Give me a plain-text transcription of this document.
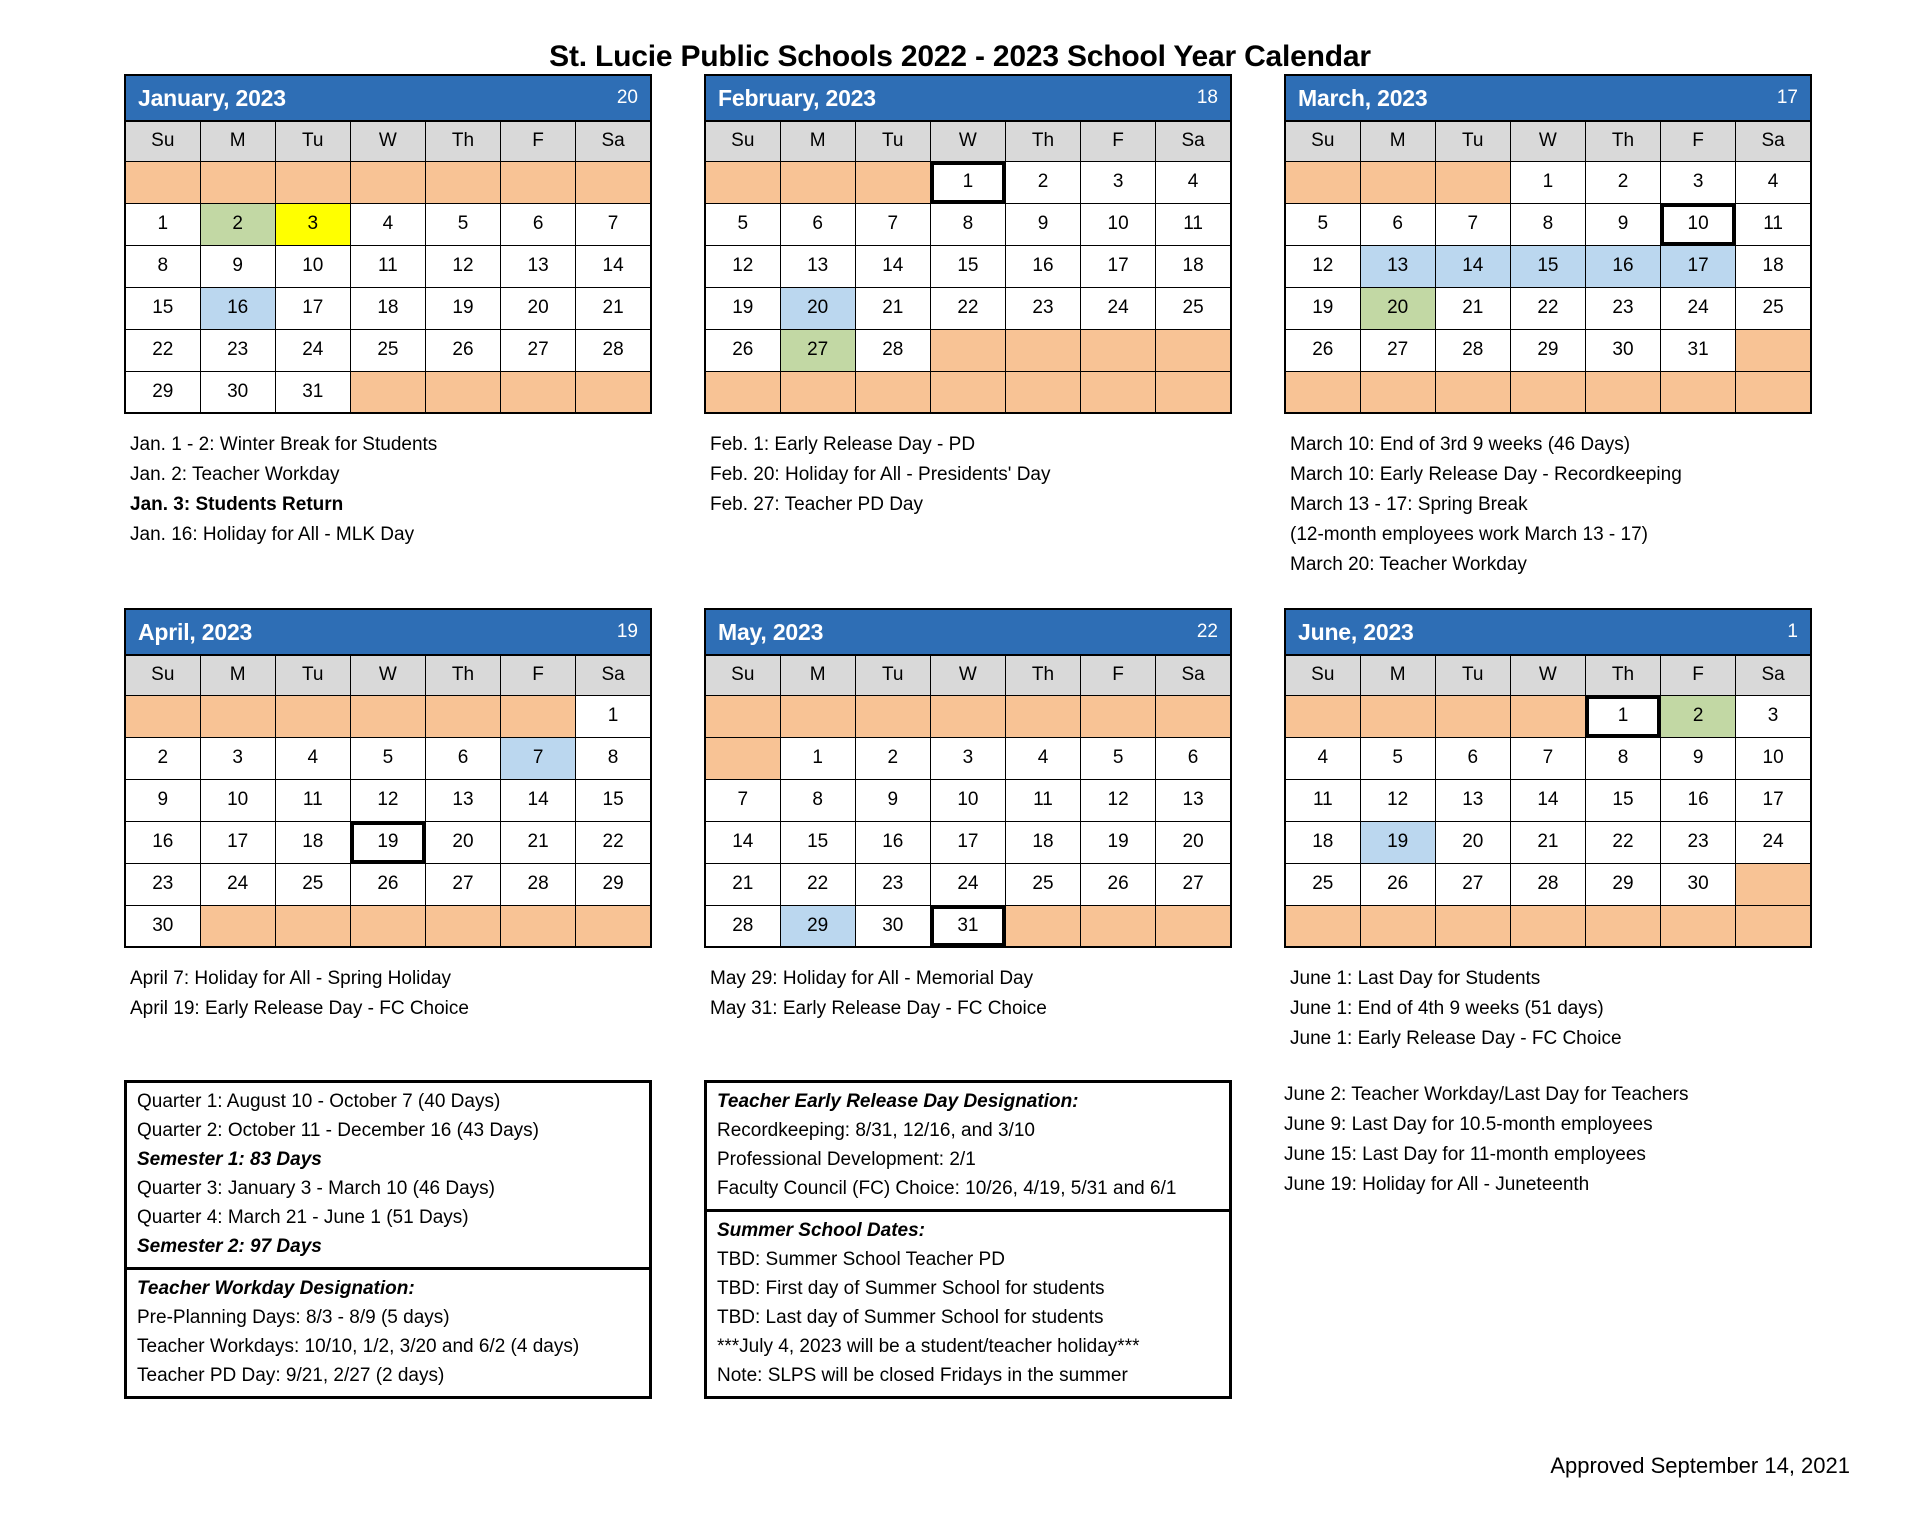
St. Lucie Public Schools 2022 - 2023 School Year Calendar
January, 2023 20						

Su	M	Tu	W	Th	F	Sa

1	2	3	4	5	6	7
8	9	10	11	12	13	14
15	16	17	18	19	20	21
22	23	24	25	26	27	28
29	30	31				
Jan. 1 - 2: Winter Break for Students
Jan. 2: Teacher Workday
Jan. 3: Students Return
Jan. 16: Holiday for All - MLK Day
February, 2023 18						

Su	M	Tu	W	Th	F	Sa
			1	2	3	4
5	6	7	8	9	10	11
12	13	14	15	16	17	18
19	20	21	22	23	24	25
26	27	28				

Feb. 1: Early Release Day - PD
Feb. 20: Holiday for All - Presidents' Day
Feb. 27: Teacher PD Day
March, 2023 17						

Su	M	Tu	W	Th	F	Sa
			1	2	3	4
5	6	7	8	9	10	11
12	13	14	15	16	17	18
19	20	21	22	23	24	25
26	27	28	29	30	31	

March 10: End of 3rd 9 weeks (46 Days)
March 10: Early Release Day - Recordkeeping
March 13 - 17: Spring Break
(12-month employees work March 13 - 17)
March 20: Teacher Workday
April, 2023 19						

Su	M	Tu	W	Th	F	Sa
						1
2	3	4	5	6	7	8
9	10	11	12	13	14	15
16	17	18	19	20	21	22
23	24	25	26	27	28	29
30						
April 7: Holiday for All - Spring Holiday
April 19: Early Release Day - FC Choice
May, 2023 22						

Su	M	Tu	W	Th	F	Sa

	1	2	3	4	5	6
7	8	9	10	11	12	13
14	15	16	17	18	19	20
21	22	23	24	25	26	27
28	29	30	31			
May 29: Holiday for All - Memorial Day
May 31: Early Release Day - FC Choice
June, 2023 1						

Su	M	Tu	W	Th	F	Sa
				1	2	3
4	5	6	7	8	9	10
11	12	13	14	15	16	17
18	19	20	21	22	23	24
25	26	27	28	29	30	

June 1: Last Day for Students
June 1: End of 4th 9 weeks (51 days)
June 1: Early Release Day - FC Choice
Quarter 1: August 10 - October 7 (40 Days)
Quarter 2: October 11 - December 16 (43 Days)
Semester 1: 83 Days
Quarter 3: January 3 - March 10 (46 Days)
Quarter 4: March 21 - June 1 (51 Days)
Semester 2: 97 Days
Teacher Workday Designation:
Pre-Planning Days: 8/3 - 8/9 (5 days)
Teacher Workdays: 10/10, 1/2, 3/20 and 6/2 (4 days)
Teacher PD Day: 9/21, 2/27 (2 days)
Teacher Early Release Day Designation:
Recordkeeping: 8/31, 12/16, and 3/10
Professional Development: 2/1
Faculty Council (FC) Choice: 10/26, 4/19, 5/31 and 6/1
Summer School Dates:
TBD: Summer School Teacher PD
TBD: First day of Summer School for students
TBD: Last day of Summer School for students
***July 4, 2023 will be a student/teacher holiday***
Note: SLPS will be closed Fridays in the summer
June 2: Teacher Workday/Last Day for Teachers
June 9: Last Day for 10.5-month employees
June 15: Last Day for 11-month employees
June 19: Holiday for All - Juneteenth
Approved September 14, 2021
